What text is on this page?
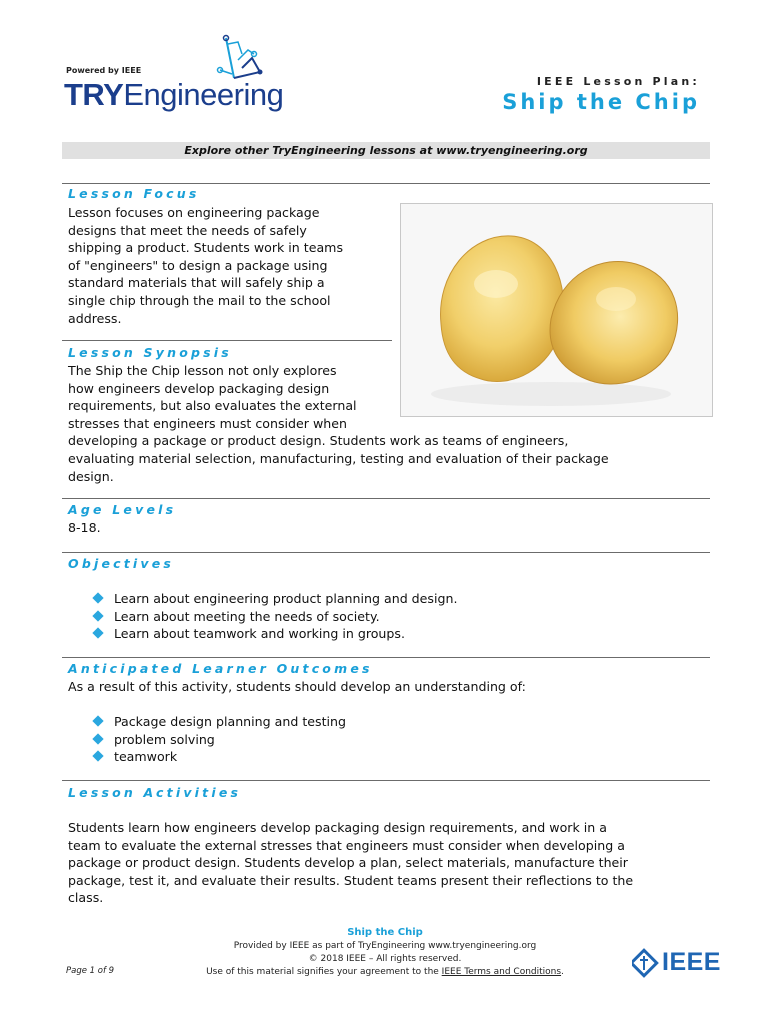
Powered by IEEE
TRYEngineering	IEEE Lesson Plan:
Ship the Chip
Explore other TryEngineering lessons at www.tryengineering.org
Lesson Focus
Lesson focuses on engineering package
designs that meet the needs of safely
shipping a product. Students work in teams
of "engineers" to design a package using
standard materials that will safely ship a
single chip through the mail to the school
address.
Lesson Synopsis
The Ship the Chip lesson not only explores
how engineers develop packaging design
requirements, but also evaluates the external
stresses that engineers must consider when
developing a package or product design. Students work as teams of engineers,
evaluating material selection, manufacturing, testing and evaluation of their package
design.
Age Levels
8-18.
Objectives
Learn about engineering product planning and design.
Learn about meeting the needs of society.
Learn about teamwork and working in groups.
Anticipated Learner Outcomes
As a result of this activity, students should develop an understanding of:
Package design planning and testing
problem solving
teamwork
Lesson Activities
Students learn how engineers develop packaging design requirements, and work in a
team to evaluate the external stresses that engineers must consider when developing a
package or product design. Students develop a plan, select materials, manufacture their
package, test it, and evaluate their results. Student teams present their reflections to the
class.
Ship the Chip
Provided by IEEE as part of TryEngineering www.tryengineering.org
© 2018 IEEE – All rights reserved.
Use of this material signifies your agreement to the IEEE Terms and Conditions.
Page 1 of 9	IEEE
